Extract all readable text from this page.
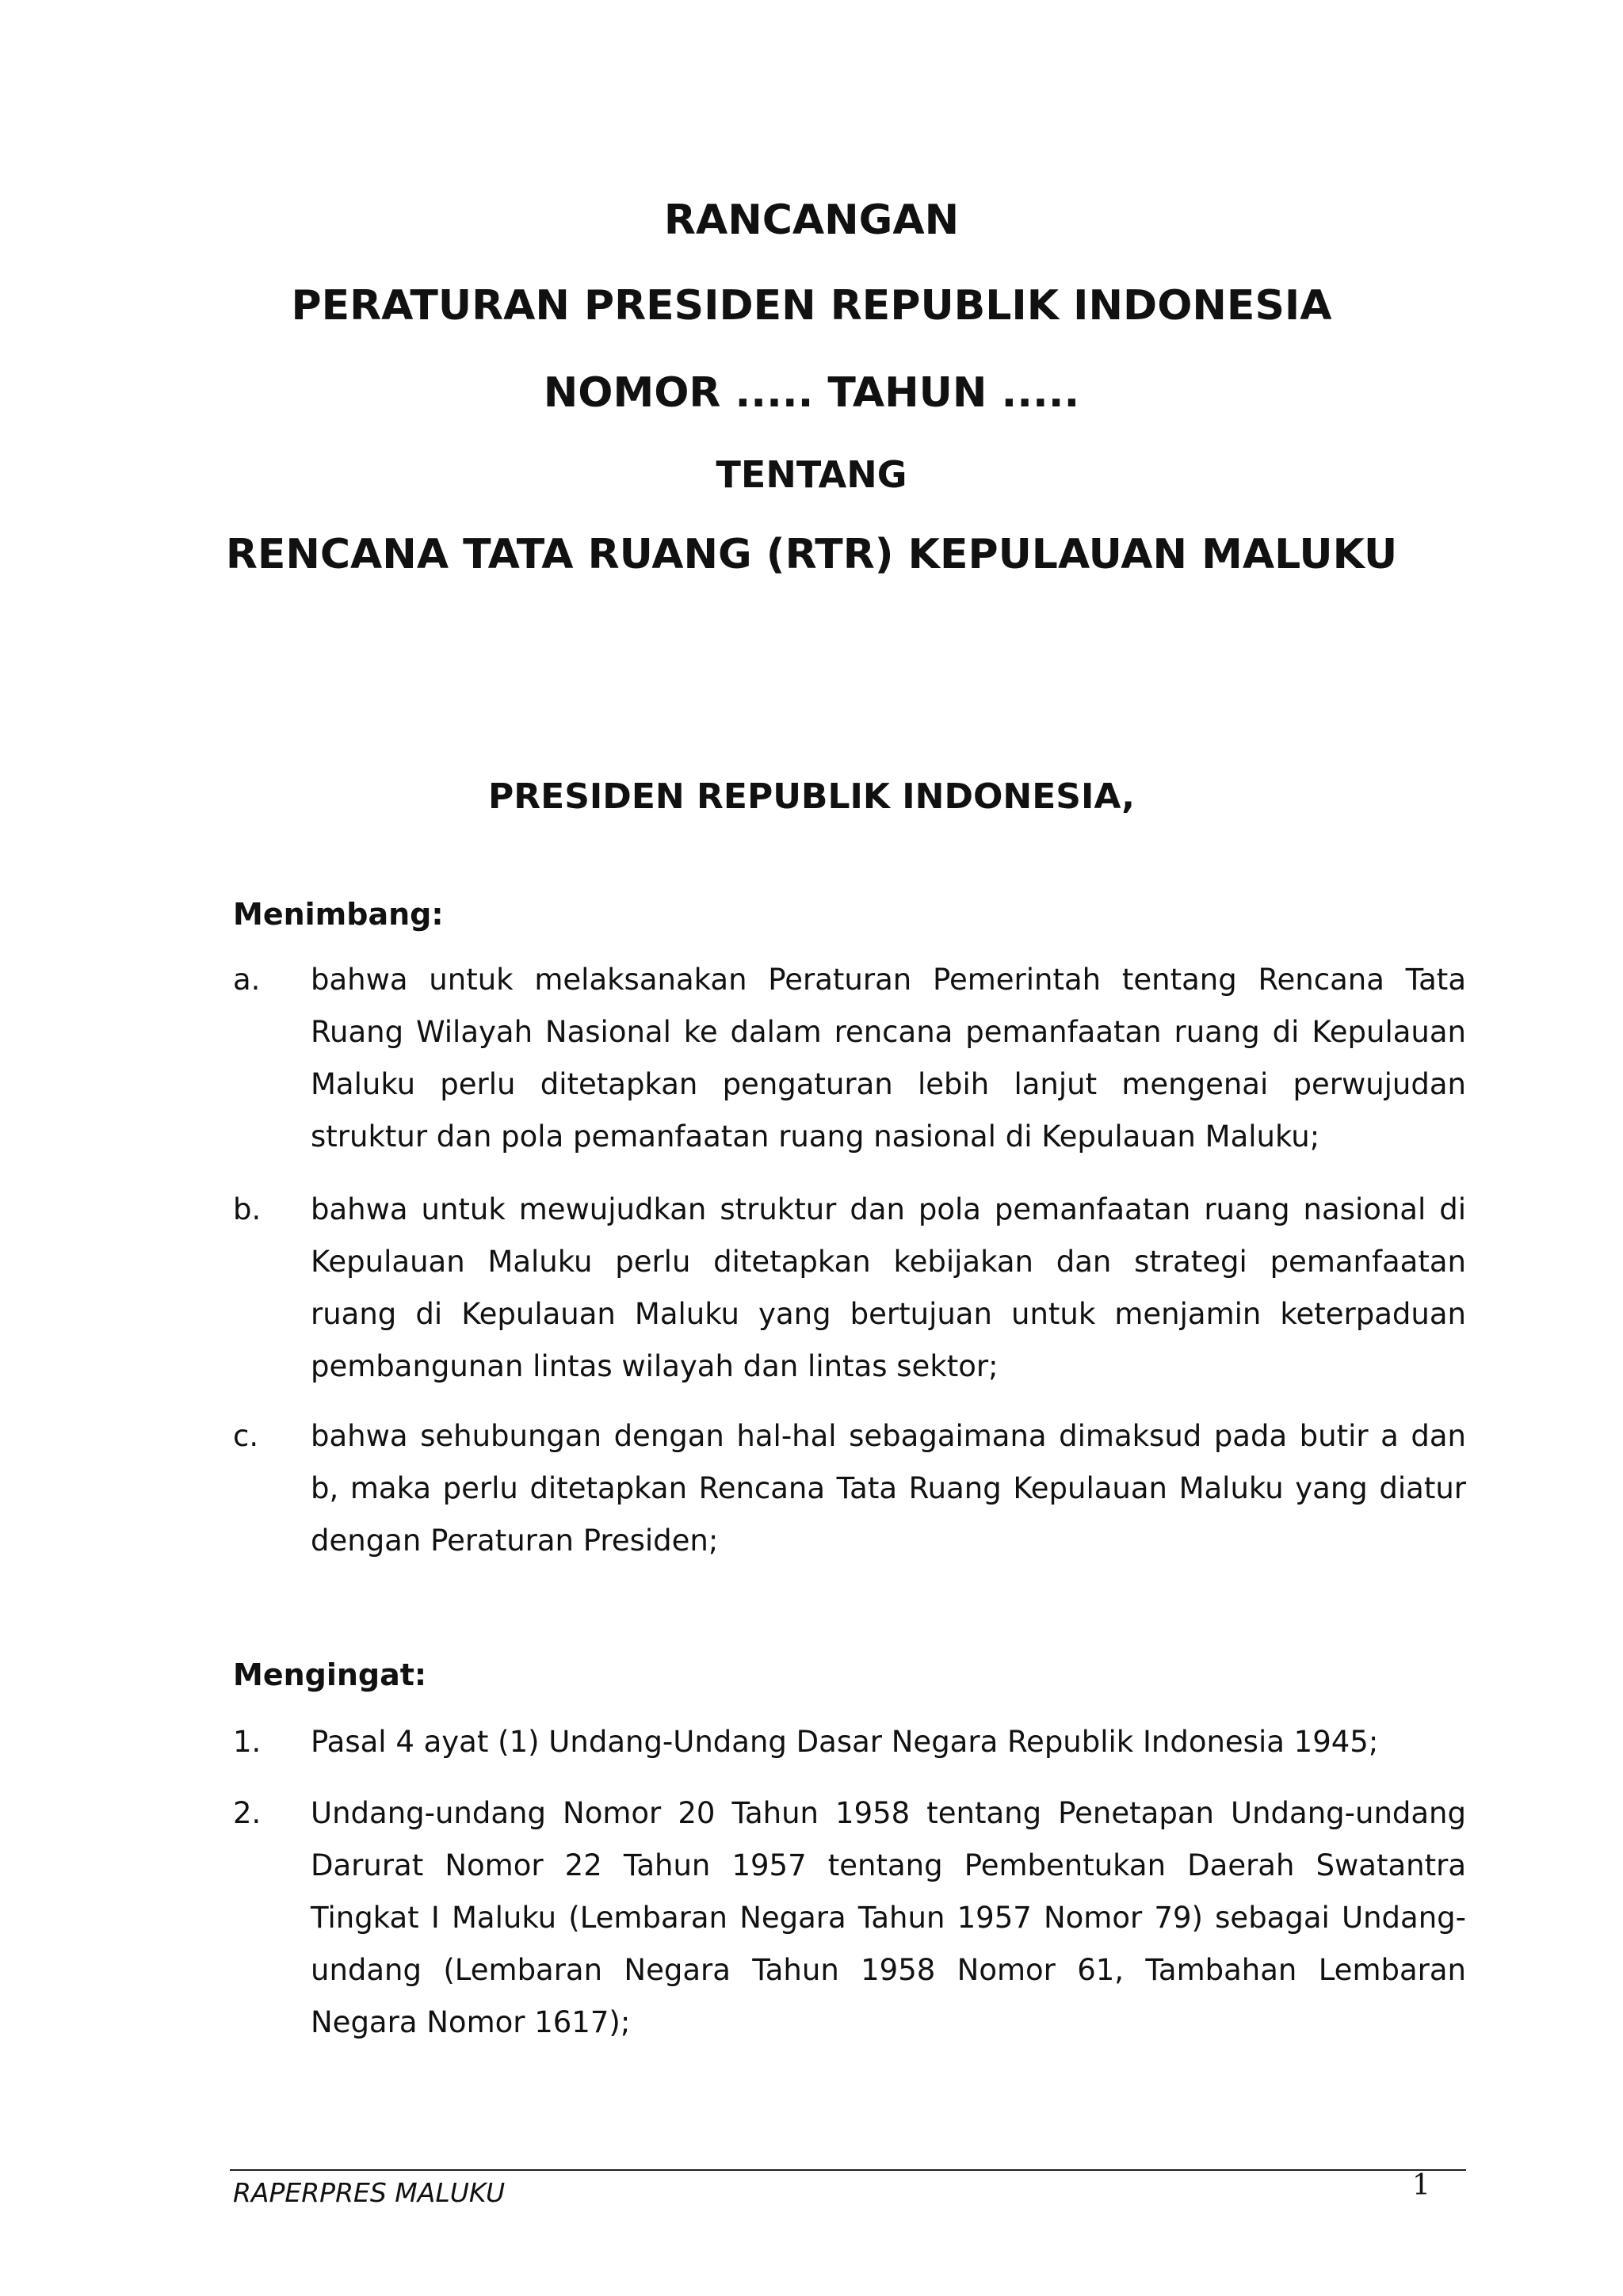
RANCANGAN
PERATURAN PRESIDEN REPUBLIK INDONESIA
NOMOR ..... TAHUN .....
TENTANG
RENCANA TATA RUANG (RTR) KEPULAUAN MALUKU
PRESIDEN REPUBLIK INDONESIA,
Menimbang:
a. bahwa untuk melaksanakan Peraturan Pemerintah tentang Rencana Tata Ruang Wilayah Nasional ke dalam rencana pemanfaatan ruang di Kepulauan Maluku perlu ditetapkan pengaturan lebih lanjut mengenai perwujudan struktur dan pola pemanfaatan ruang nasional di Kepulauan Maluku;
b. bahwa untuk mewujudkan struktur dan pola pemanfaatan ruang nasional di Kepulauan Maluku perlu ditetapkan kebijakan dan strategi pemanfaatan ruang di Kepulauan Maluku yang bertujuan untuk menjamin keterpaduan pembangunan lintas wilayah dan lintas sektor;
c. bahwa sehubungan dengan hal-hal sebagaimana dimaksud pada butir a dan b, maka perlu ditetapkan Rencana Tata Ruang Kepulauan Maluku yang diatur dengan Peraturan Presiden;
Mengingat:
1. Pasal 4 ayat (1) Undang-Undang Dasar Negara Republik Indonesia 1945;
2. Undang-undang Nomor 20 Tahun 1958 tentang Penetapan Undang-undang Darurat Nomor 22 Tahun 1957 tentang Pembentukan Daerah Swatantra Tingkat I Maluku (Lembaran Negara Tahun 1957 Nomor 79) sebagai Undang-undang (Lembaran Negara Tahun 1958 Nomor 61, Tambahan Lembaran Negara Nomor 1617);
RAPERPRES MALUKU	1
